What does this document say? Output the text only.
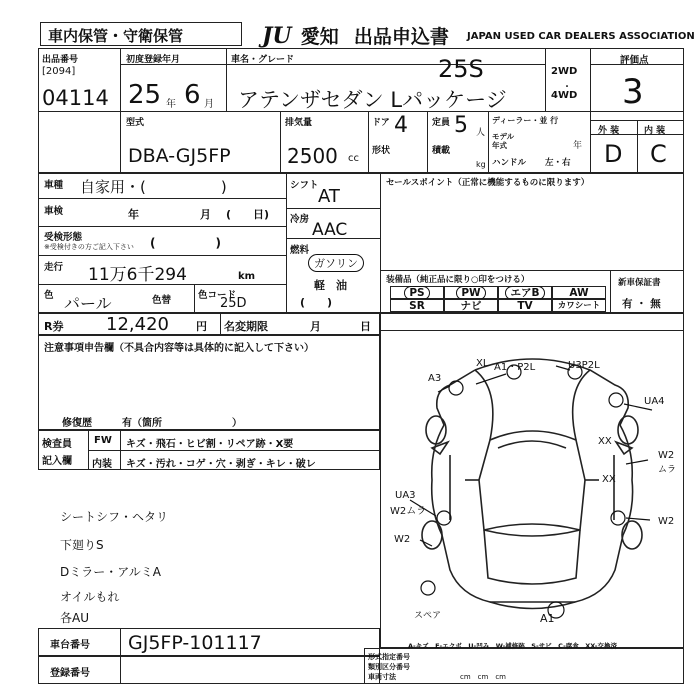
車内保管・守衛保管	JU 愛知 出品申込書 JAPAN USED CAR DEALERS ASSOCIATION
出品番号
[2094]
04114
初度登録年月
25 年 6 月
車名・グレード	25S
アテンザセダン Lパッケージ
2WD
・
4WD
評価点
3
型式
DBA-GJ5FP
排気量
2500 cc
ドア 4
形状
定員 5 人
積載
kg
ディーラー・並 行
モデル
年式	年
ハンドル 左・右
外 装	内 装
D C
車種 自家用・(　　　　　)
車検	年	月 (　　日)
受検形態
※受検付きの方ご記入下さい (　　　　　)
走行 11万6千294	km
色 パール	色替	色コード
25D
シフト
AT
冷房
AAC
燃料
ガソリン
軽　油
(　　)
セールスポイント（正常に機能するものに限ります）
装備品（純正品に限り○印をつける）
PS	PW	エアB	AW
SR	ナビ	TV	カワシート
新車保証書
有 ・ 無
R券 12,420 円 名変期限	月	日
注意事項申告欄（不具合内容等は具体的に記入して下さい）
修復歴	有（箇所　　　　　　　）
検査員
記入欄
FW キズ・飛石・ヒビ割・リペア跡・X要
内装 キズ・汚れ・コゲ・穴・剥ぎ・キレ・破レ
シートシフ・ヘタリ
下廻りS
Dミラー・アルミA
オイルもれ
各AU
A3
XL A1・P2L	U3P2L
UA4
XX
W2
ムラ
XX
UA3
W2ムラ
W2
W2
スペア	A1
A-キズ　E-エクボ　U-凹み　W-補修跡　S-サビ　C-腐食　XX-交換済
車台番号 GJ5FP-101117
登録番号
形式指定番号
類別区分番号
車両寸法	cm　cm　cm
